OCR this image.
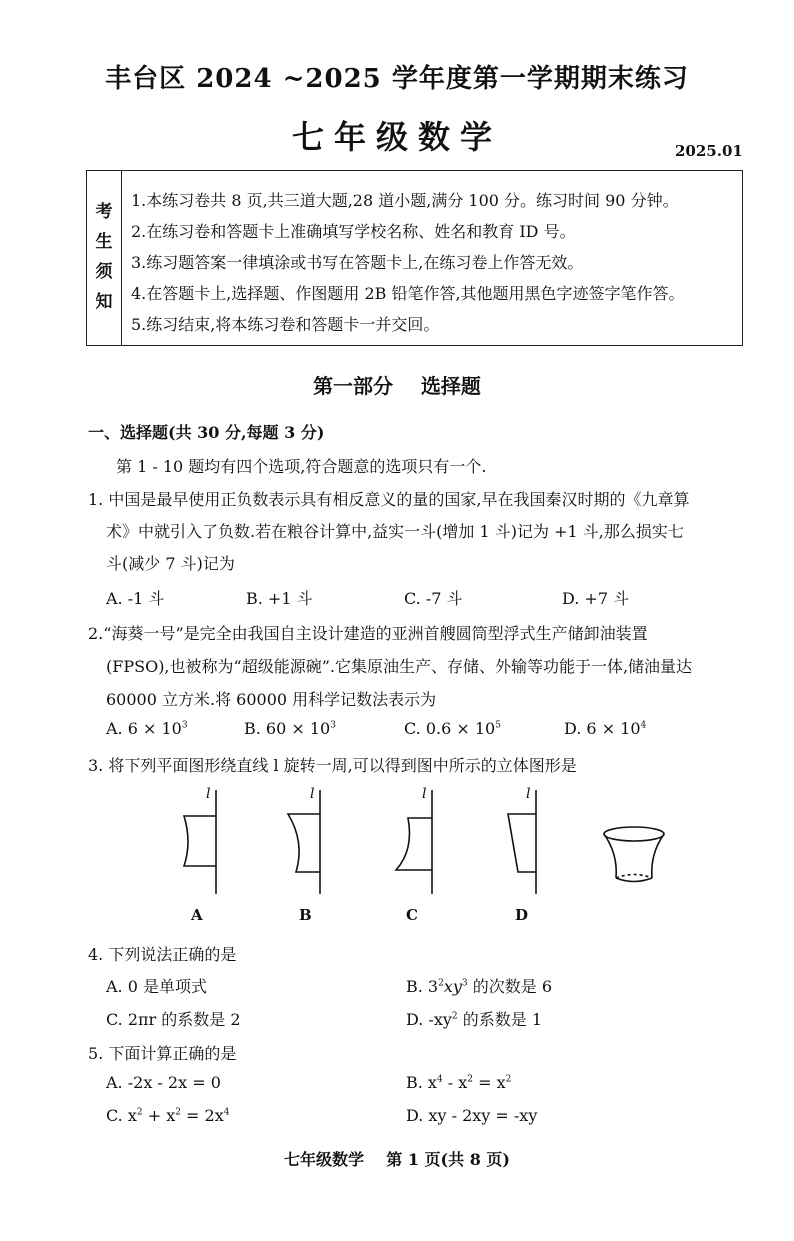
丰台区 2024 ~2025 学年度第一学期期末练习
七年级数学	2025.01
考
生
须
知
1.本练习卷共 8 页,共三道大题,28 道小题,满分 100 分。练习时间 90 分钟。
2.在练习卷和答题卡上准确填写学校名称、姓名和教育 ID 号。
3.练习题答案一律填涂或书写在答题卡上,在练习卷上作答无效。
4.在答题卡上,选择题、作图题用 2B 铅笔作答,其他题用黑色字迹签字笔作答。
5.练习结束,将本练习卷和答题卡一并交回。
第一部分    选择题
一、选择题(共 30 分,每题 3 分)
第 1 - 10 题均有四个选项,符合题意的选项只有一个.
1. 中国是最早使用正负数表示具有相反意义的量的国家,早在我国秦汉时期的《九章算
术》中就引入了负数.若在粮谷计算中,益实一斗(增加 1 斗)记为 +1 斗,那么损实七
斗(减少 7 斗)记为
A. -1 斗	B. +1 斗	C. -7 斗	D. +7 斗
2.“海葵一号”是完全由我国自主设计建造的亚洲首艘圆筒型浮式生产储卸油装置
(FPSO),也被称为“超级能源碗”.它集原油生产、存储、外输等功能于一体,储油量达
60000 立方米.将 60000 用科学记数法表示为
A. $6 \times 10^3$	B. $60 \times 10^3$	C. $0.6 \times 10^5$	D. $6 \times 10^4$
3. 将下列平面图形绕直线 l 旋转一周,可以得到图中所示的立体图形是
l	l	l	l
A	B	C	D
4. 下列说法正确的是
A. 0 是单项式	B. $3^2xy^3$ 的次数是 6
C. 2πr 的系数是 2	D. $-xy^2$ 的系数是 1
5. 下面计算正确的是
A. -2x - 2x = 0	B. $x^4 - x^2 = x^2$
C. $x^2 + x^2 = 2x^4$	D. xy - 2xy = -xy
七年级数学    第 1 页(共 8 页)
